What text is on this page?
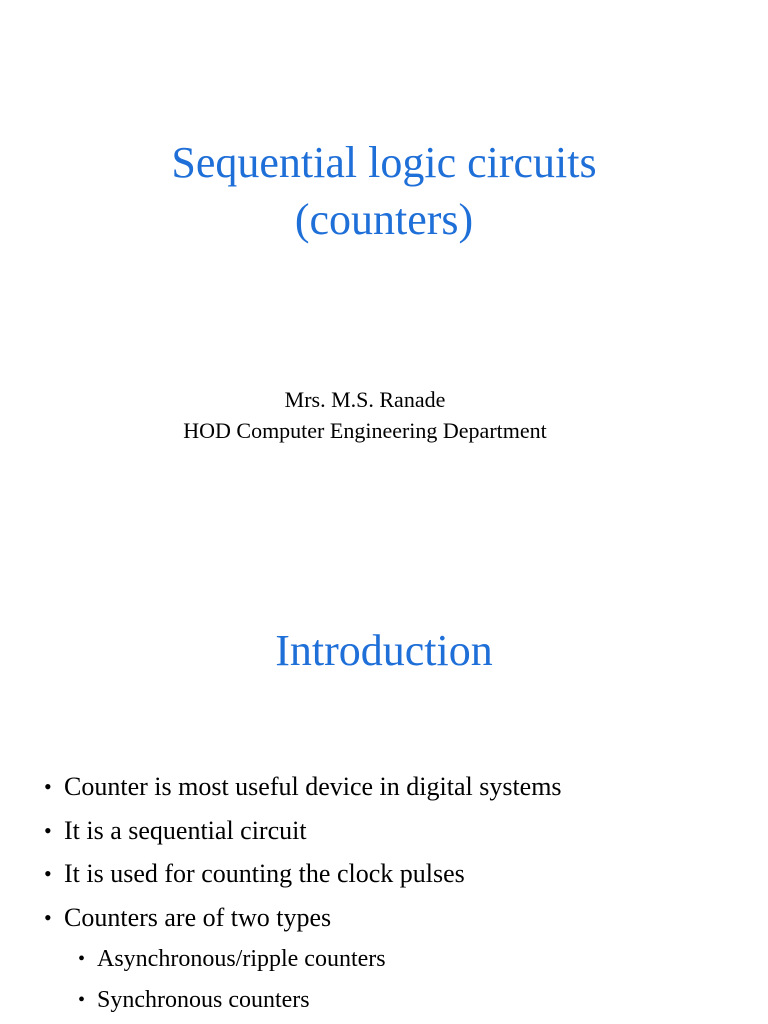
Sequential logic circuits
(counters)
Mrs. M.S. Ranade
HOD Computer Engineering Department
Introduction
• Counter is most useful device in digital systems
• It is a sequential circuit
• It is used for counting the clock pulses
• Counters are of two types
• Asynchronous/ripple counters
• Synchronous counters
